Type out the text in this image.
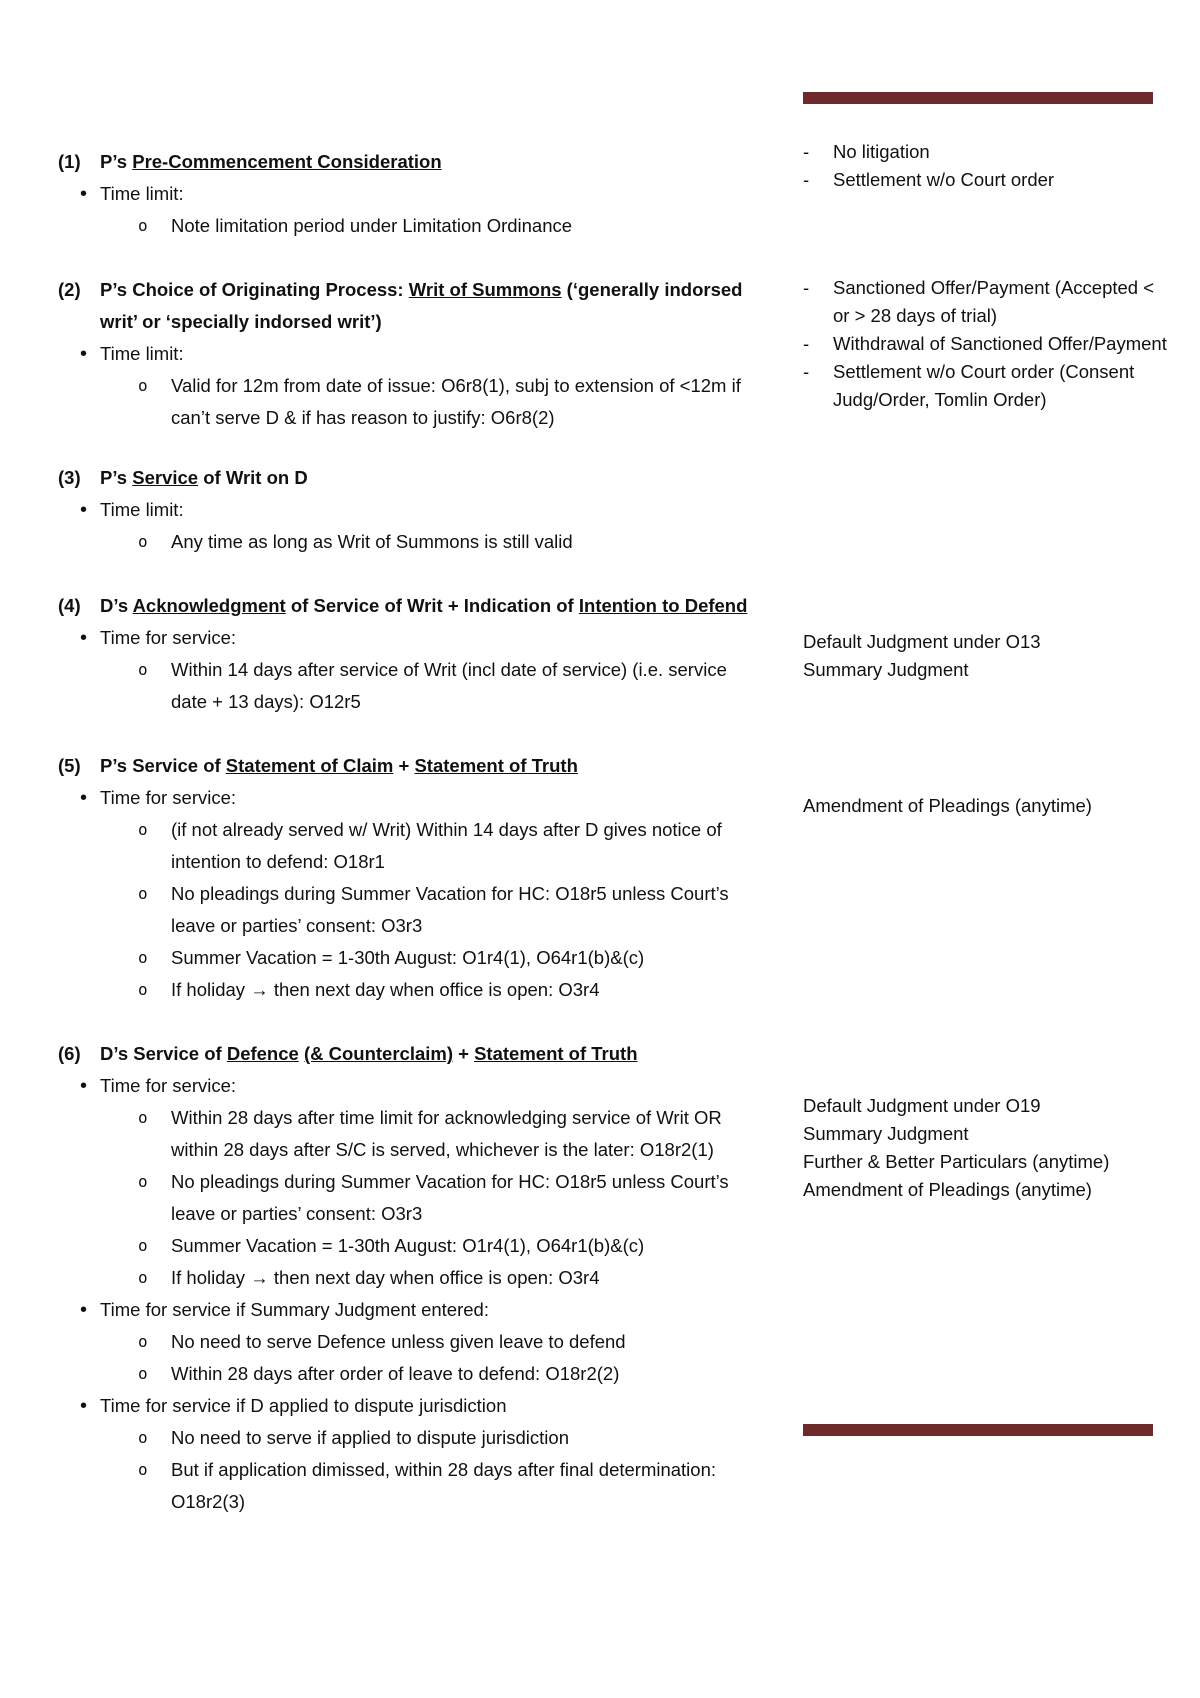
(1)	P’s Pre-Commencement Consideration
• Time limit:
o Note limitation period under Limitation Ordinance
(2)	P’s Choice of Originating Process: Writ of Summons (‘generally indorsed writ’ or ‘specially indorsed writ’)
• Time limit:
o Valid for 12m from date of issue: O6r8(1), subj to extension of <12m if can’t serve D & if has reason to justify: O6r8(2)
(3)	P’s Service of Writ on D
• Time limit:
o Any time as long as Writ of Summons is still valid
(4)	D’s Acknowledgment of Service of Writ + Indication of Intention to Defend
• Time for service:
o Within 14 days after service of Writ (incl date of service) (i.e. service date + 13 days): O12r5
(5)	P’s Service of Statement of Claim + Statement of Truth
• Time for service:
o (if not already served w/ Writ) Within 14 days after D gives notice of intention to defend: O18r1
o No pleadings during Summer Vacation for HC: O18r5 unless Court’s leave or parties’ consent: O3r3
o Summer Vacation = 1-30th August: O1r4(1), O64r1(b)&(c)
o If holiday → then next day when office is open: O3r4
(6)	D’s Service of Defence (& Counterclaim) + Statement of Truth
• Time for service:
o Within 28 days after time limit for acknowledging service of Writ OR within 28 days after S/C is served, whichever is the later: O18r2(1)
o No pleadings during Summer Vacation for HC: O18r5 unless Court’s leave or parties’ consent: O3r3
o Summer Vacation = 1-30th August: O1r4(1), O64r1(b)&(c)
o If holiday → then next day when office is open: O3r4
• Time for service if Summary Judgment entered:
o No need to serve Defence unless given leave to defend
o Within 28 days after order of leave to defend: O18r2(2)
• Time for service if D applied to dispute jurisdiction
o No need to serve if applied to dispute jurisdiction
o But if application dimissed, within 28 days after final determination: O18r2(3)
- No litigation
- Settlement w/o Court order
- Sanctioned Offer/Payment (Accepted < or > 28 days of trial)
- Withdrawal of Sanctioned Offer/Payment
- Settlement w/o Court order (Consent Judg/Order, Tomlin Order)
Default Judgment under O13
Summary Judgment
Amendment of Pleadings (anytime)
Default Judgment under O19
Summary Judgment
Further & Better Particulars (anytime)
Amendment of Pleadings (anytime)
